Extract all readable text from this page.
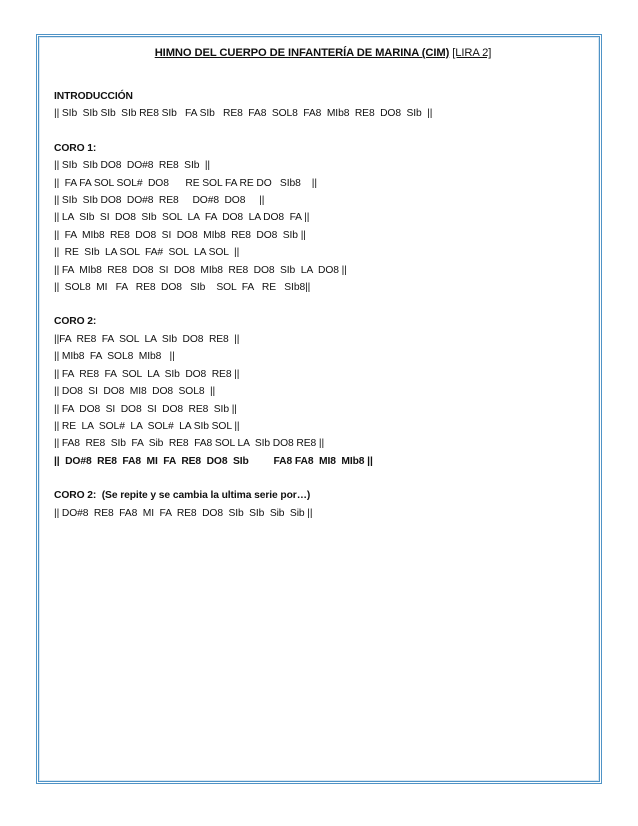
HIMNO DEL CUERPO DE INFANTERÍA DE MARINA (CIM) [LIRA 2]

INTRODUCCIÓN

|| SIb  SIb SIb  SIb RE8 SIb   FA SIb   RE8  FA8  SOL8  FA8  MIb8  RE8  DO8  SIb  ||

CORO 1:

|| SIb  SIb DO8  DO#8  RE8  SIb  ||

||  FA FA SOL SOL#  DO8      RE SOL FA RE DO   SIb8    ||

|| SIb  SIb DO8  DO#8  RE8     DO#8  DO8     ||

|| LA  SIb  SI  DO8  SIb  SOL  LA  FA  DO8  LA DO8  FA ||

||  FA  MIb8  RE8  DO8  SI  DO8  MIb8  RE8  DO8  SIb ||

||  RE  SIb  LA SOL  FA#  SOL  LA SOL  ||

|| FA  MIb8  RE8  DO8  SI  DO8  MIb8  RE8  DO8  SIb  LA  DO8 ||

||  SOL8  MI   FA   RE8  DO8   SIb    SOL  FA   RE   SIb8||

CORO 2:

||FA  RE8  FA  SOL  LA  SIb  DO8  RE8  ||

|| MIb8  FA  SOL8  MIb8   ||

|| FA  RE8  FA  SOL  LA  SIb  DO8  RE8 ||

|| DO8  SI  DO8  MI8  DO8  SOL8  ||

|| FA  DO8  SI  DO8  SI  DO8  RE8  SIb ||

|| RE  LA  SOL#  LA  SOL#  LA SIb SOL ||

|| FA8  RE8  SIb  FA  Sib  RE8  FA8 SOL LA  SIb DO8 RE8 ||

||  DO#8  RE8  FA8  MI  FA  RE8  DO8  SIb         FA8 FA8  MI8  MIb8 ||

CORO 2:  (Se repite y se cambia la ultima serie por…)

|| DO#8  RE8  FA8  MI  FA  RE8  DO8  SIb  SIb  Sib  Sib ||
